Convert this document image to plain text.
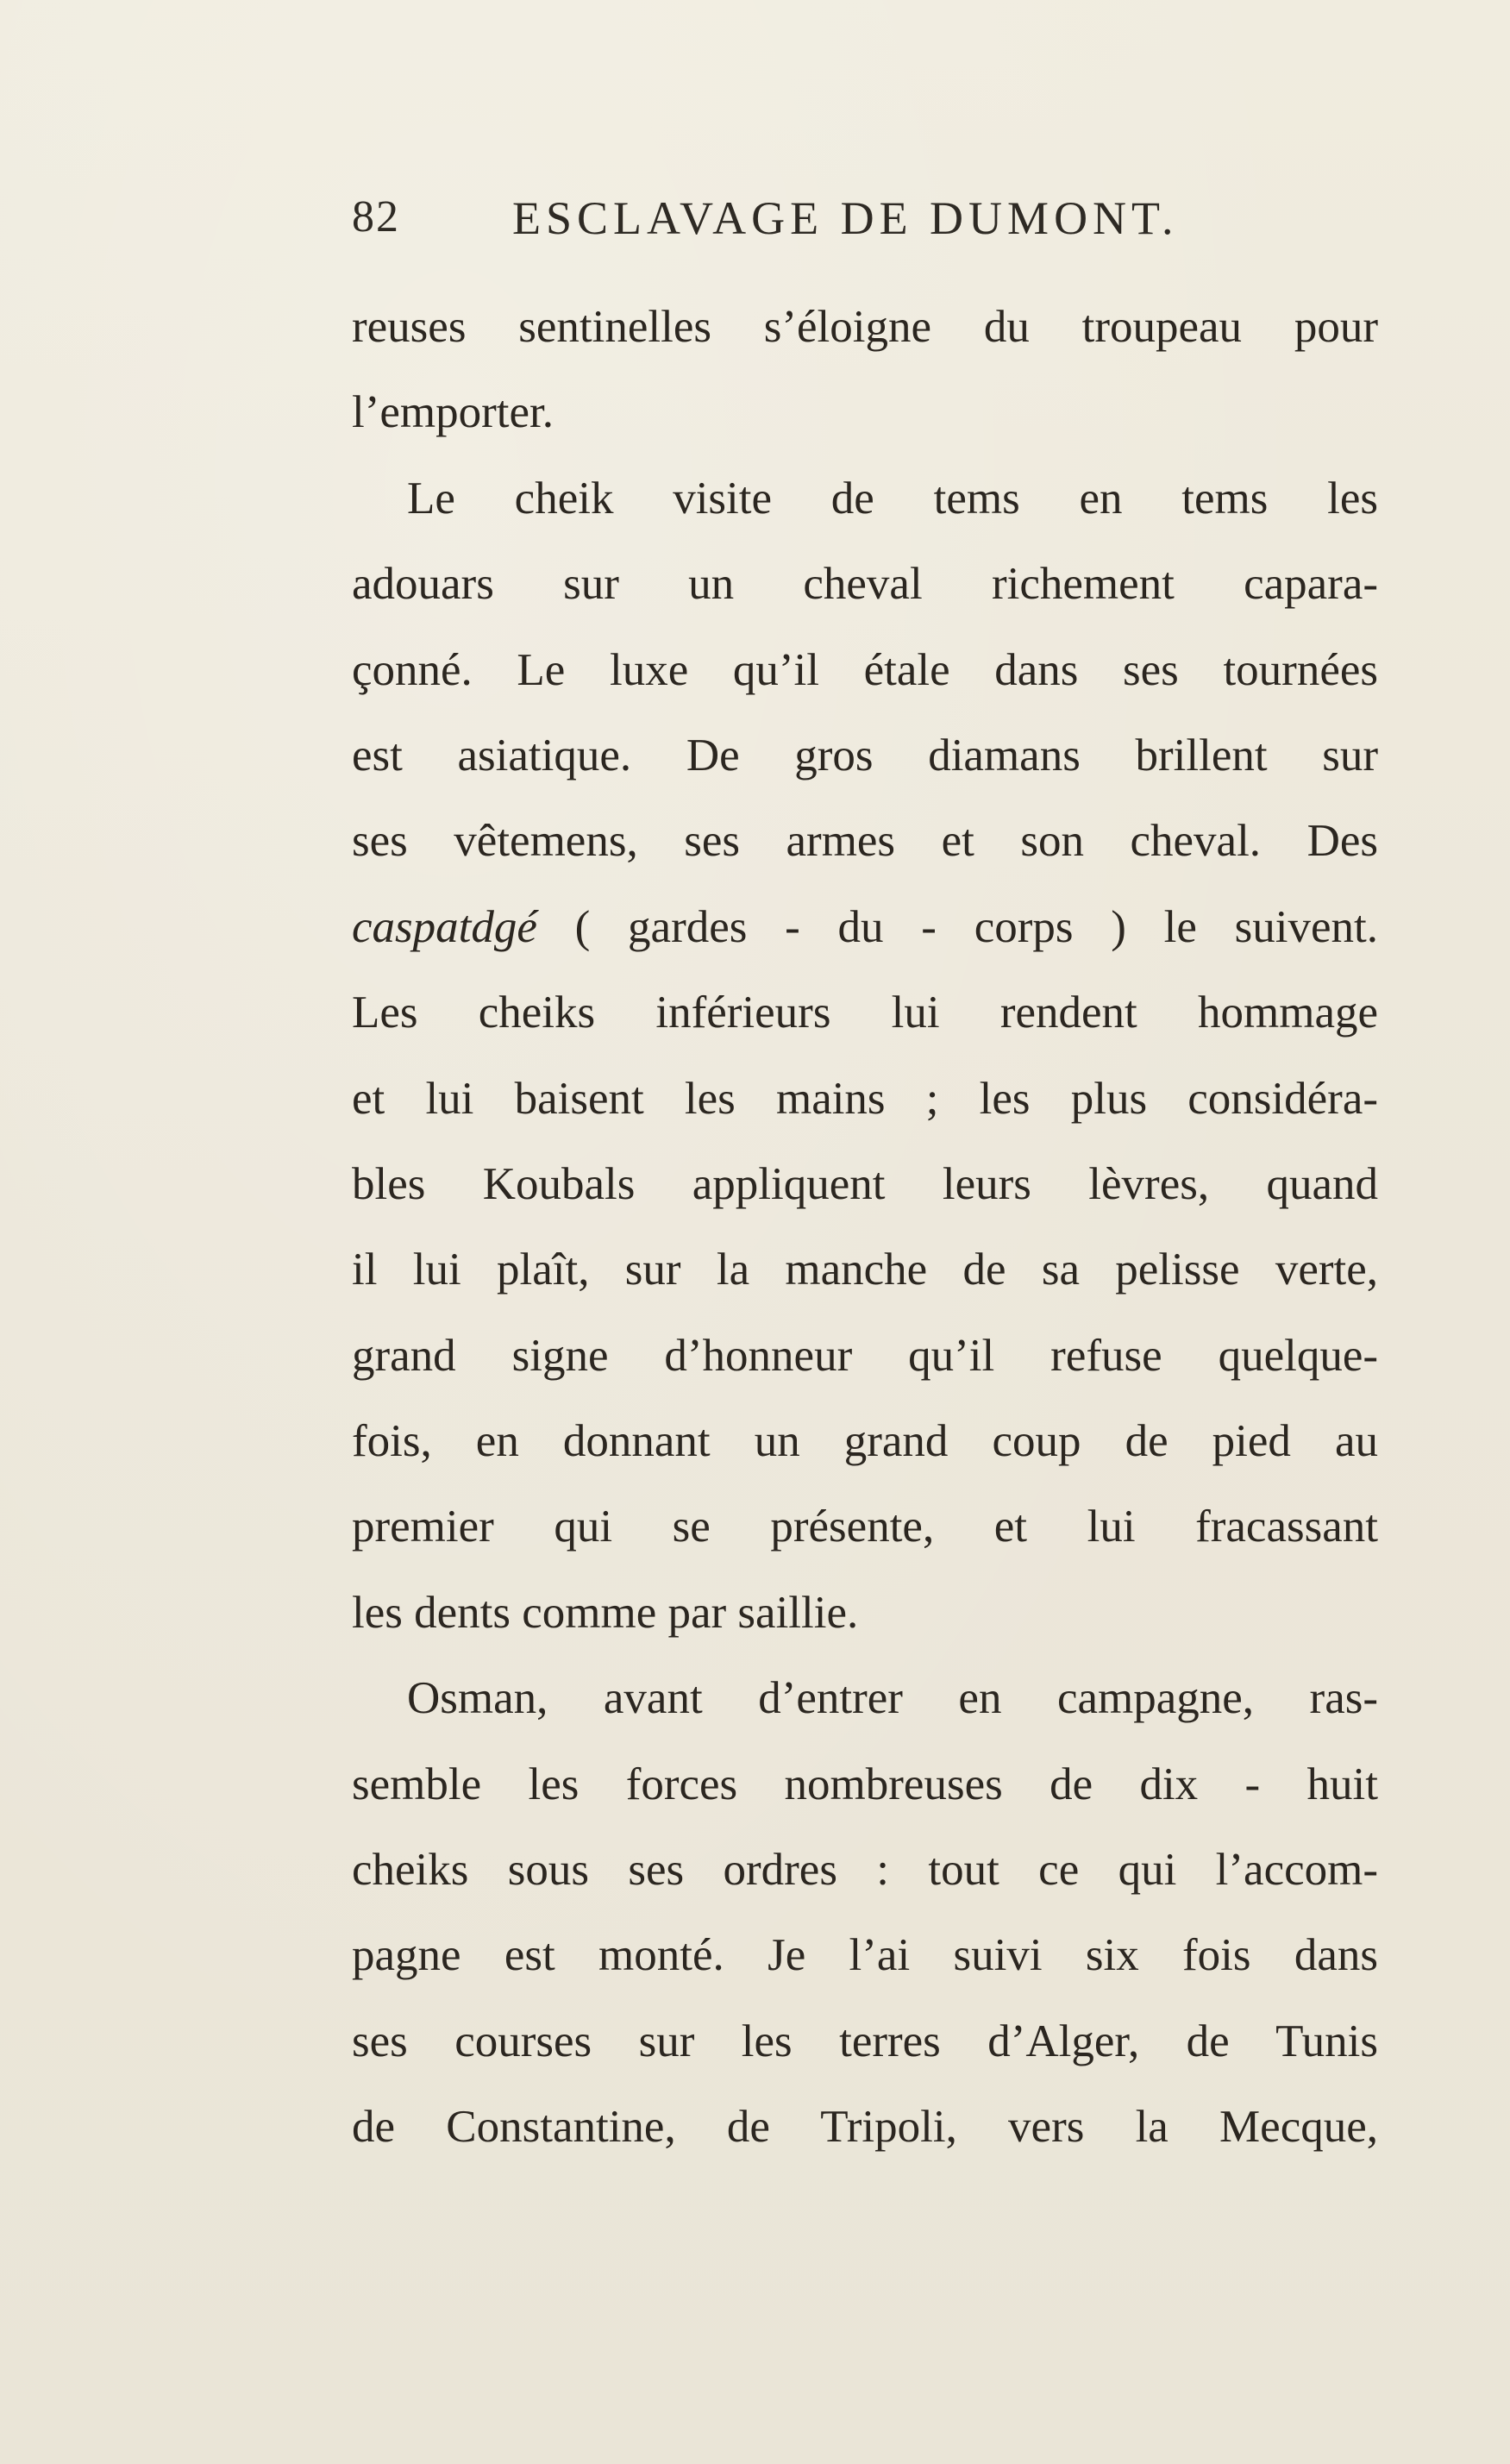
82 ESCLAVAGE DE DUMONT.
reuses sentinelles s’éloigne du troupeau pour
l’emporter.
Le cheik visite de tems en tems les
adouars sur un cheval richement capara-
çonné. Le luxe qu’il étale dans ses tournées
est asiatique. De gros diamans brillent sur
ses vêtemens, ses armes et son cheval. Des
caspatdgé ( gardes - du - corps ) le suivent.
Les cheiks inférieurs lui rendent hommage
et lui baisent les mains ; les plus considéra-
bles Koubals appliquent leurs lèvres, quand
il lui plaît, sur la manche de sa pelisse verte,
grand signe d’honneur qu’il refuse quelque-
fois, en donnant un grand coup de pied au
premier qui se présente, et lui fracassant
les dents comme par saillie.
Osman, avant d’entrer en campagne, ras-
semble les forces nombreuses de dix - huit
cheiks sous ses ordres : tout ce qui l’accom-
pagne est monté. Je l’ai suivi six fois dans
ses courses sur les terres d’Alger, de Tunis
de Constantine, de Tripoli, vers la Mecque,
